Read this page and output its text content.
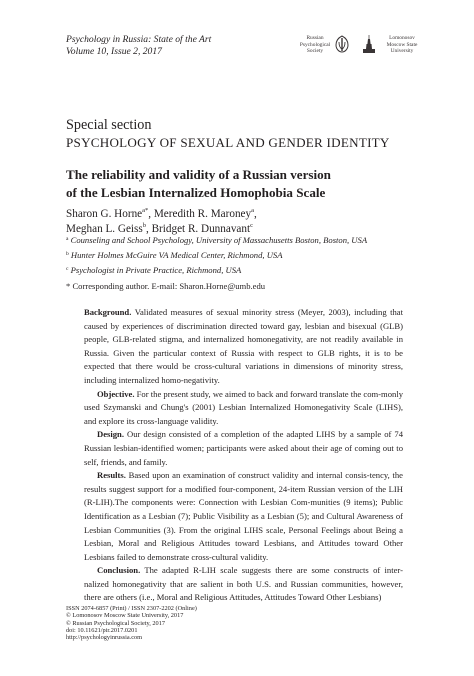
Psychology in Russia: State of the Art
Volume 10, Issue 2, 2017
Russian
Psychological
Society
Lomonosov
Moscow State
University
Special section
PSYCHOLOGY OF SEXUAL AND GENDER IDENTITY
The reliability and validity of a Russian version
of the Lesbian Internalized Homophobia Scale
Sharon G. Horne$^{a*}$, Meredith R. Maroney$^a$,
Meghan L. Geiss$^b$, Bridget R. Dunnavant$^c$
$^a$ Counseling and School Psychology, University of Massachusetts Boston, Boston, USA
$^b$ Hunter Holmes McGuire VA Medical Center, Richmond, USA
$^c$ Psychologist in Private Practice, Richmond, USA
* Corresponding author. E-mail: Sharon.Horne@umb.edu

Background. Validated measures of sexual minority stress (Meyer, 2003), including that caused by experiences of discrimination directed toward gay, lesbian and bisexual (GLB) people, GLB-related stigma, and internalized homonegativity, are not readily available in Russia. Given the particular context of Russia with respect to GLB rights, it is to be expected that there would be cross-cultural variations in dimensions of minority stress, including internalized homo-negativity.

Objective. For the present study, we aimed to back and forward translate the com-monly used Szymanski and Chung's (2001) Lesbian Internalized Homonegativity Scale (LIHS), and explore its cross-language validity.

Design. Our design consisted of a completion of the adapted LIHS by a sample of 74 Russian lesbian-identified women; participants were asked about their age of coming out to self, friends, and family.

Results. Based upon an examination of construct validity and internal consis-tency, the results suggest support for a modified four-component, 24-item Russian version of the LIH (R-LIH).The components were: Connection with Lesbian Com-munities (9 items); Public Identification as a Lesbian (7); Public Visibility as a Lesbian (5); and Cultural Awareness of Lesbian Communities (3). From the original LIHS scale, Personal Feelings about Being a Lesbian, Moral and Religious Attitudes toward Lesbians, and Attitudes toward Other Lesbians failed to demonstrate cross-cultural validity.

Conclusion. The adapted R-LIH scale suggests there are some constructs of inter-nalized homonegativity that are salient in both U.S. and Russian communities, however, there are others (i.e., Moral and Religious Attitudes, Attitudes Toward Other Lesbians)

ISSN 2074-6857 (Print) / ISSN 2307-2202 (Online)
© Lomonosov Moscow State University, 2017
© Russian Psychological Society, 2017
doi: 10.11621/pir.2017.0201
http://psychologyinrussia.com
